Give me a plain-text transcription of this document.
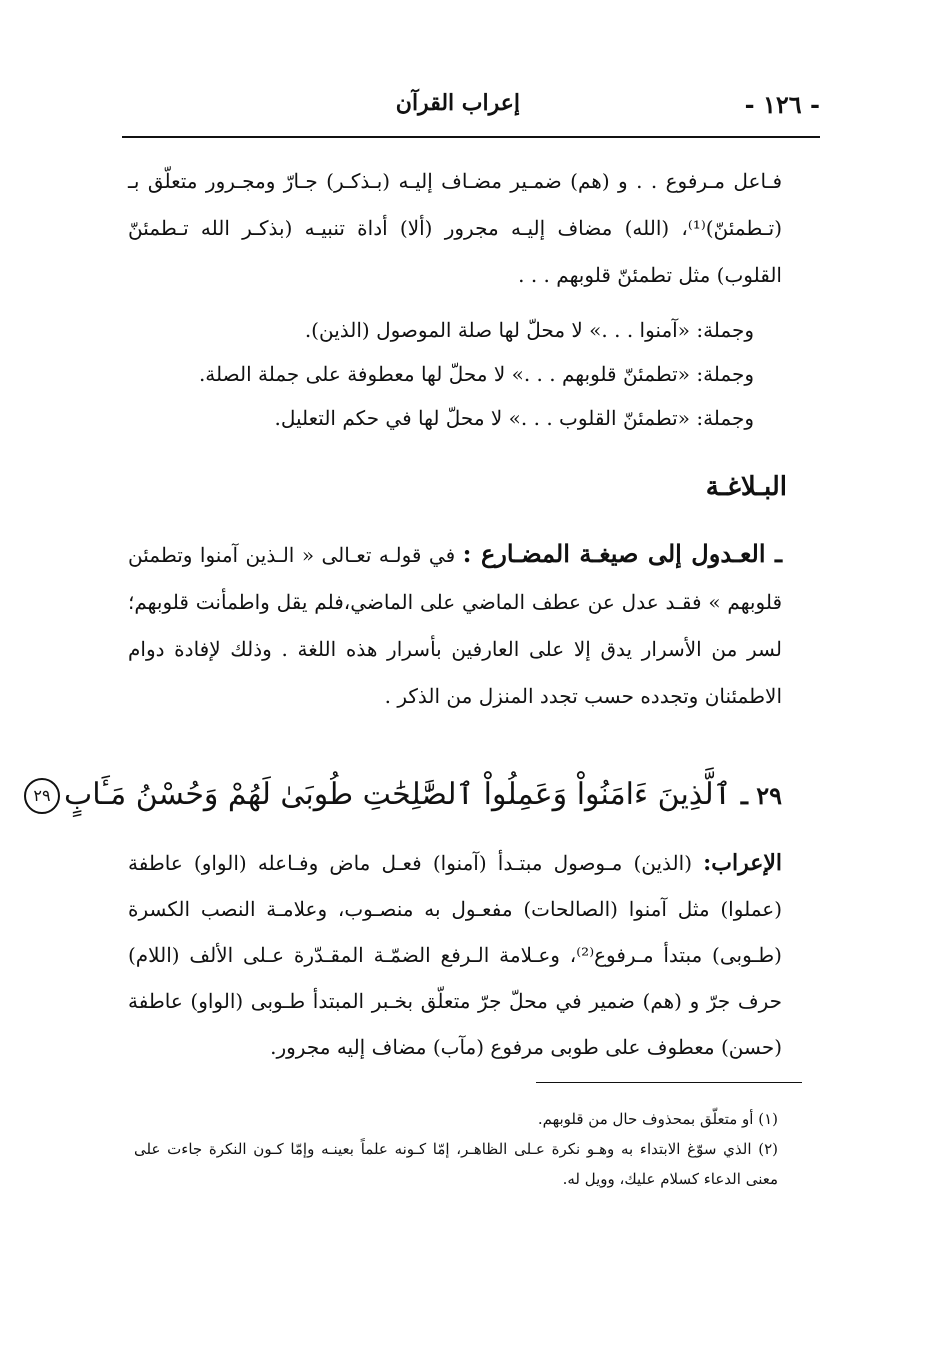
- ١٢٦ -
إعراب القرآن

فـاعل مـرفوع . . و (هم) ضمـير مضـاف إليـه (بـذكـر) جـارّ ومجـرور متعلّق بـ (تـطمئنّ)⁽¹⁾، (الله) مضاف إليـه مجرور (ألا) أداة تنبيـه (بذكـر الله تـطمئنّ القلوب) مثل تطمئنّ قلوبهم . . .

وجملة: «آمنوا . . .» لا محلّ لها صلة الموصول (الذين).
وجملة: «تطمئنّ قلوبهم . . .» لا محلّ لها معطوفة على جملة الصلة.
وجملة: «تطمئنّ القلوب . . .» لا محلّ لها في حكم التعليل.
البـلاغـة

ـ العـدول إلى صيغـة المضـارع : في قولـه تعـالى « الـذين آمنوا وتطمئن قلوبهم » فقـد عدل عن عطف الماضي على الماضي،فلم يقل واطمأنت قلوبهم؛ لسر من الأسرار يدق إلا على العارفين بأسرار هذه اللغة . وذلك لإفادة دوام الاطمئنان وتجدده حسب تجدد المنزل من الذكر .

٢٩ ـ ٱلَّذِينَ ءَامَنُواْ وَعَمِلُواْ ٱلصَّٰلِحَٰتِ طُوبَىٰ لَهُمْ وَحُسْنُ مَـَٔابٍ٢٩

الإعراب: (الذين) مـوصول مبتـدأ (آمنوا) فعـل ماض وفـاعله (الواو) عاطفة (عملوا) مثل آمنوا (الصالحات) مفعـول به منصـوب، وعلامـة النصب الكسرة (طـوبى) مبتدأ مـرفوع⁽²⁾، وعـلامة الـرفع الضمّـة المقـدّرة عـلى الألف (اللام) حرف جرّ و (هم) ضمير في محلّ جرّ متعلّق بخـبر المبتدأ طـوبى (الواو) عاطفة (حسن) معطوف على طوبى مرفوع (مآب) مضاف إليه مجرور.

(١) أو متعلّق بمحذوف حال من قلوبهم.
(٢) الذي سوّغ الابتداء به وهـو نكرة عـلى الظاهـر، إمّا كـونه علماً بعينـه وإمّا كـون النكرة جاءت على معنى الدعاء كسلام عليك، وويل له.
